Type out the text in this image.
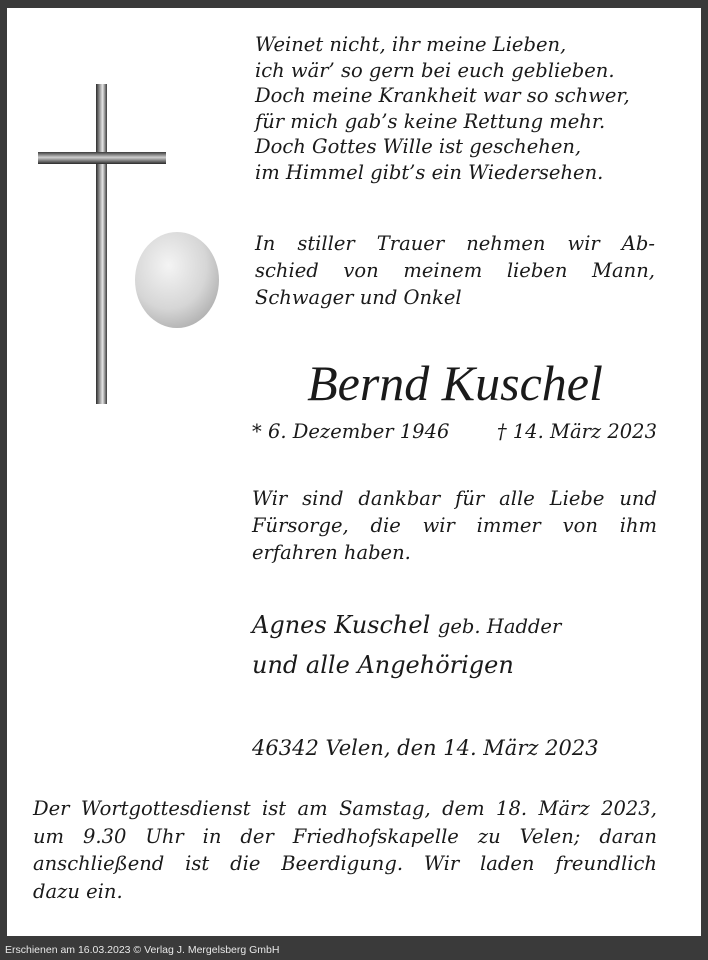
Weinet nicht, ihr meine Lieben,
ich wär’ so gern bei euch geblieben.
Doch meine Krankheit war so schwer,
für mich gab’s keine Rettung mehr.
Doch Gottes Wille ist geschehen,
im Himmel gibt’s ein Wiedersehen.
In stiller Trauer nehmen wir Ab-
schied von meinem lieben Mann,
Schwager und Onkel
Bernd Kuschel
* 6. Dezember 1946 † 14. März 2023
Wir sind dankbar für alle Liebe und
Fürsorge, die wir immer von ihm
erfahren haben.
Agnes Kuschel geb. Hadder
und alle Angehörigen
46342 Velen, den 14. März 2023
Der Wortgottesdienst ist am Samstag, dem 18. März 2023,
um 9.30 Uhr in der Friedhofskapelle zu Velen; daran
anschließend ist die Beerdigung. Wir laden freundlich
dazu ein.
Erschienen am 16.03.2023 © Verlag J. Mergelsberg GmbH
